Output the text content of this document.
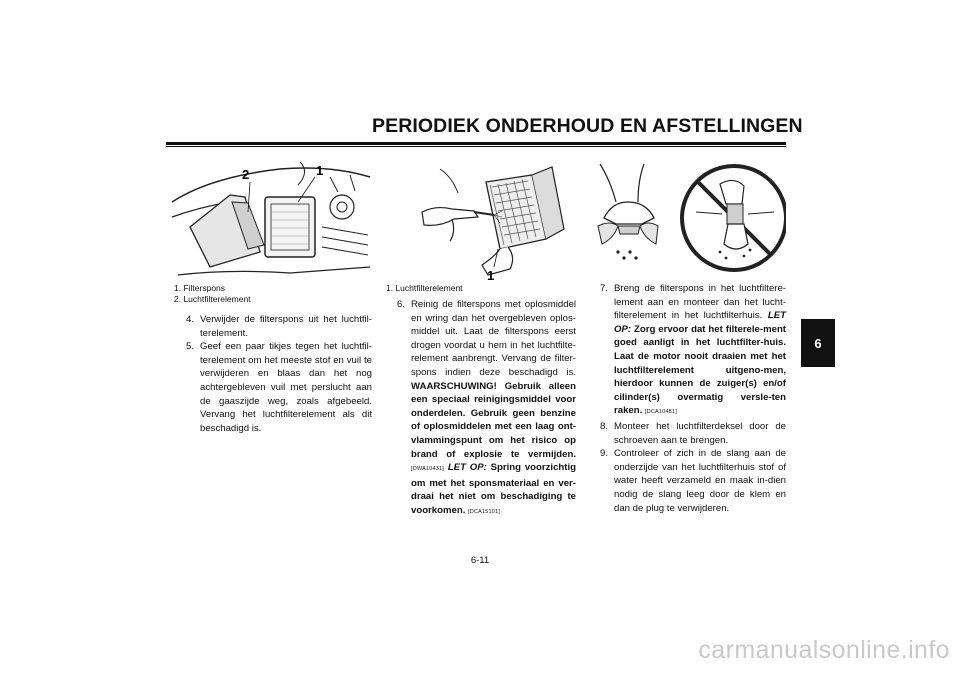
PERIODIEK ONDERHOUD EN AFSTELLINGEN
6
2	1
1. Filterspons
2. Luchtfilterelement
4. Verwijder de filterspons uit het luchtfil-terelement.
5. Geef een paar tikjes tegen het luchtfil-terelement om het meeste stof en vuil te verwijderen en blaas dan het nog achtergebleven vuil met perslucht aan de gaaszijde weg, zoals afgebeeld. Vervang het luchtfilterelement als dit beschadigd is.
1
1. Luchtfilterelement
6. Reinig de filterspons met oplosmiddel en wring dan het overgebleven oplos-middel uit. Laat de filterspons eerst drogen voordat u hem in het luchtfilte-relement aanbrengt. Vervang de filter-spons indien deze beschadigd is. WAARSCHUWING! Gebruik alleen een speciaal reinigingsmiddel voor onderdelen. Gebruik geen benzine of oplosmiddelen met een laag ont-vlammingspunt om het risico op brand of explosie te vermijden. [DWA10431] LET OP: Spring voorzichtig om met het sponsmateriaal en ver-draai het niet om beschadiging te voorkomen. [DCA15101]
7. Breng de filterspons in het luchtfiltere-lement aan en monteer dan het lucht-filterelement in het luchtfilterhuis. LET OP: Zorg ervoor dat het filterele-ment goed aanligt in het luchtfilter-huis. Laat de motor nooit draaien met het luchtfilterelement uitgeno-men, hierdoor kunnen de zuiger(s) en/of cilinder(s) overmatig versle-ten raken. [DCA10481]
8. Monteer het luchtfilterdeksel door de schroeven aan te brengen.
9. Controleer of zich in de slang aan de onderzijde van het luchtfilterhuis stof of water heeft verzameld en maak in-dien nodig de slang leeg door de klem en dan de plug te verwijderen.
6-11
carmanualsonline.info
